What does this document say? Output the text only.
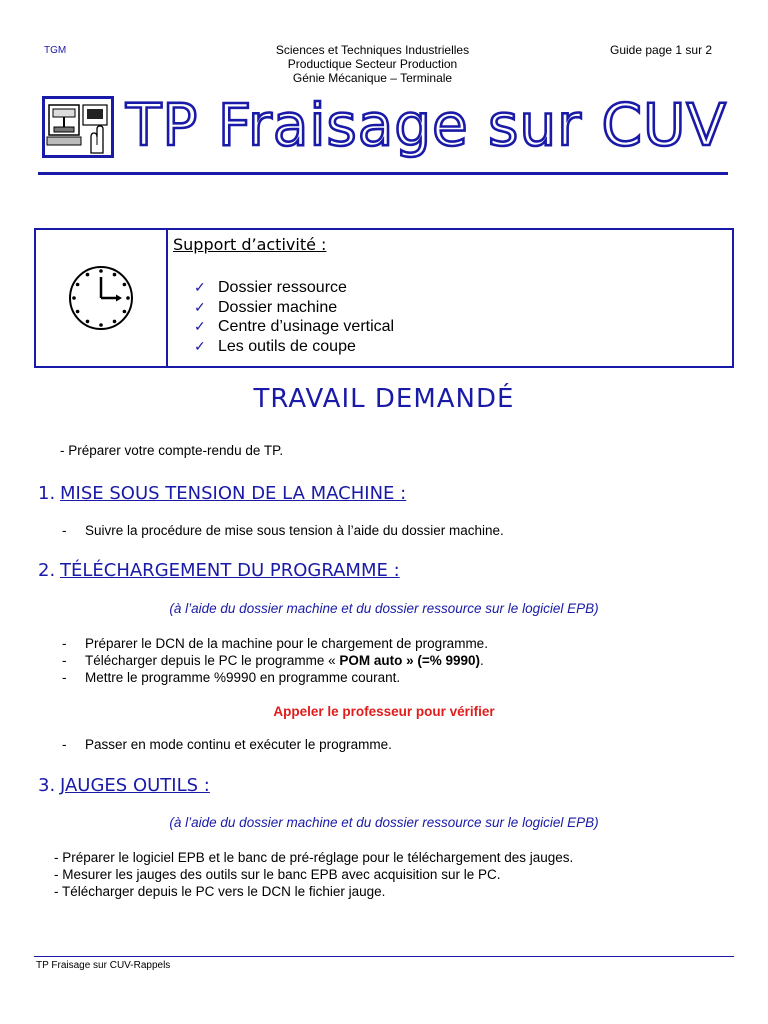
TGM	Sciences et Techniques Industrielles
Productique Secteur Production
Génie Mécanique – Terminale
Guide page 1 sur 2
TP Fraisage sur CUV
Support d’activité :
✓ Dossier ressource
✓ Dossier machine
✓ Centre d’usinage vertical
✓ Les outils de coupe
TRAVAIL DEMANDÉ
- Préparer votre compte-rendu de TP.
1. MISE SOUS TENSION DE LA MACHINE :
- Suivre la procédure de mise sous tension à l’aide du dossier machine.
2. TÉLÉCHARGEMENT DU PROGRAMME :
(à l’aide du dossier machine et du dossier ressource sur le logiciel EPB)
- Préparer le DCN de la machine pour le chargement de programme.
- Télécharger depuis le PC le programme « POM auto » (=% 9990).
- Mettre le programme %9990 en programme courant.
Appeler le professeur pour vérifier
- Passer en mode continu et exécuter le programme.
3. JAUGES OUTILS :
(à l’aide du dossier machine et du dossier ressource sur le logiciel EPB)
- Préparer le logiciel EPB et le banc de pré-réglage pour le téléchargement des jauges.
- Mesurer les jauges des outils sur le banc EPB avec acquisition sur le PC.
- Télécharger depuis le PC vers le DCN le fichier jauge.
TP Fraisage sur CUV-Rappels
